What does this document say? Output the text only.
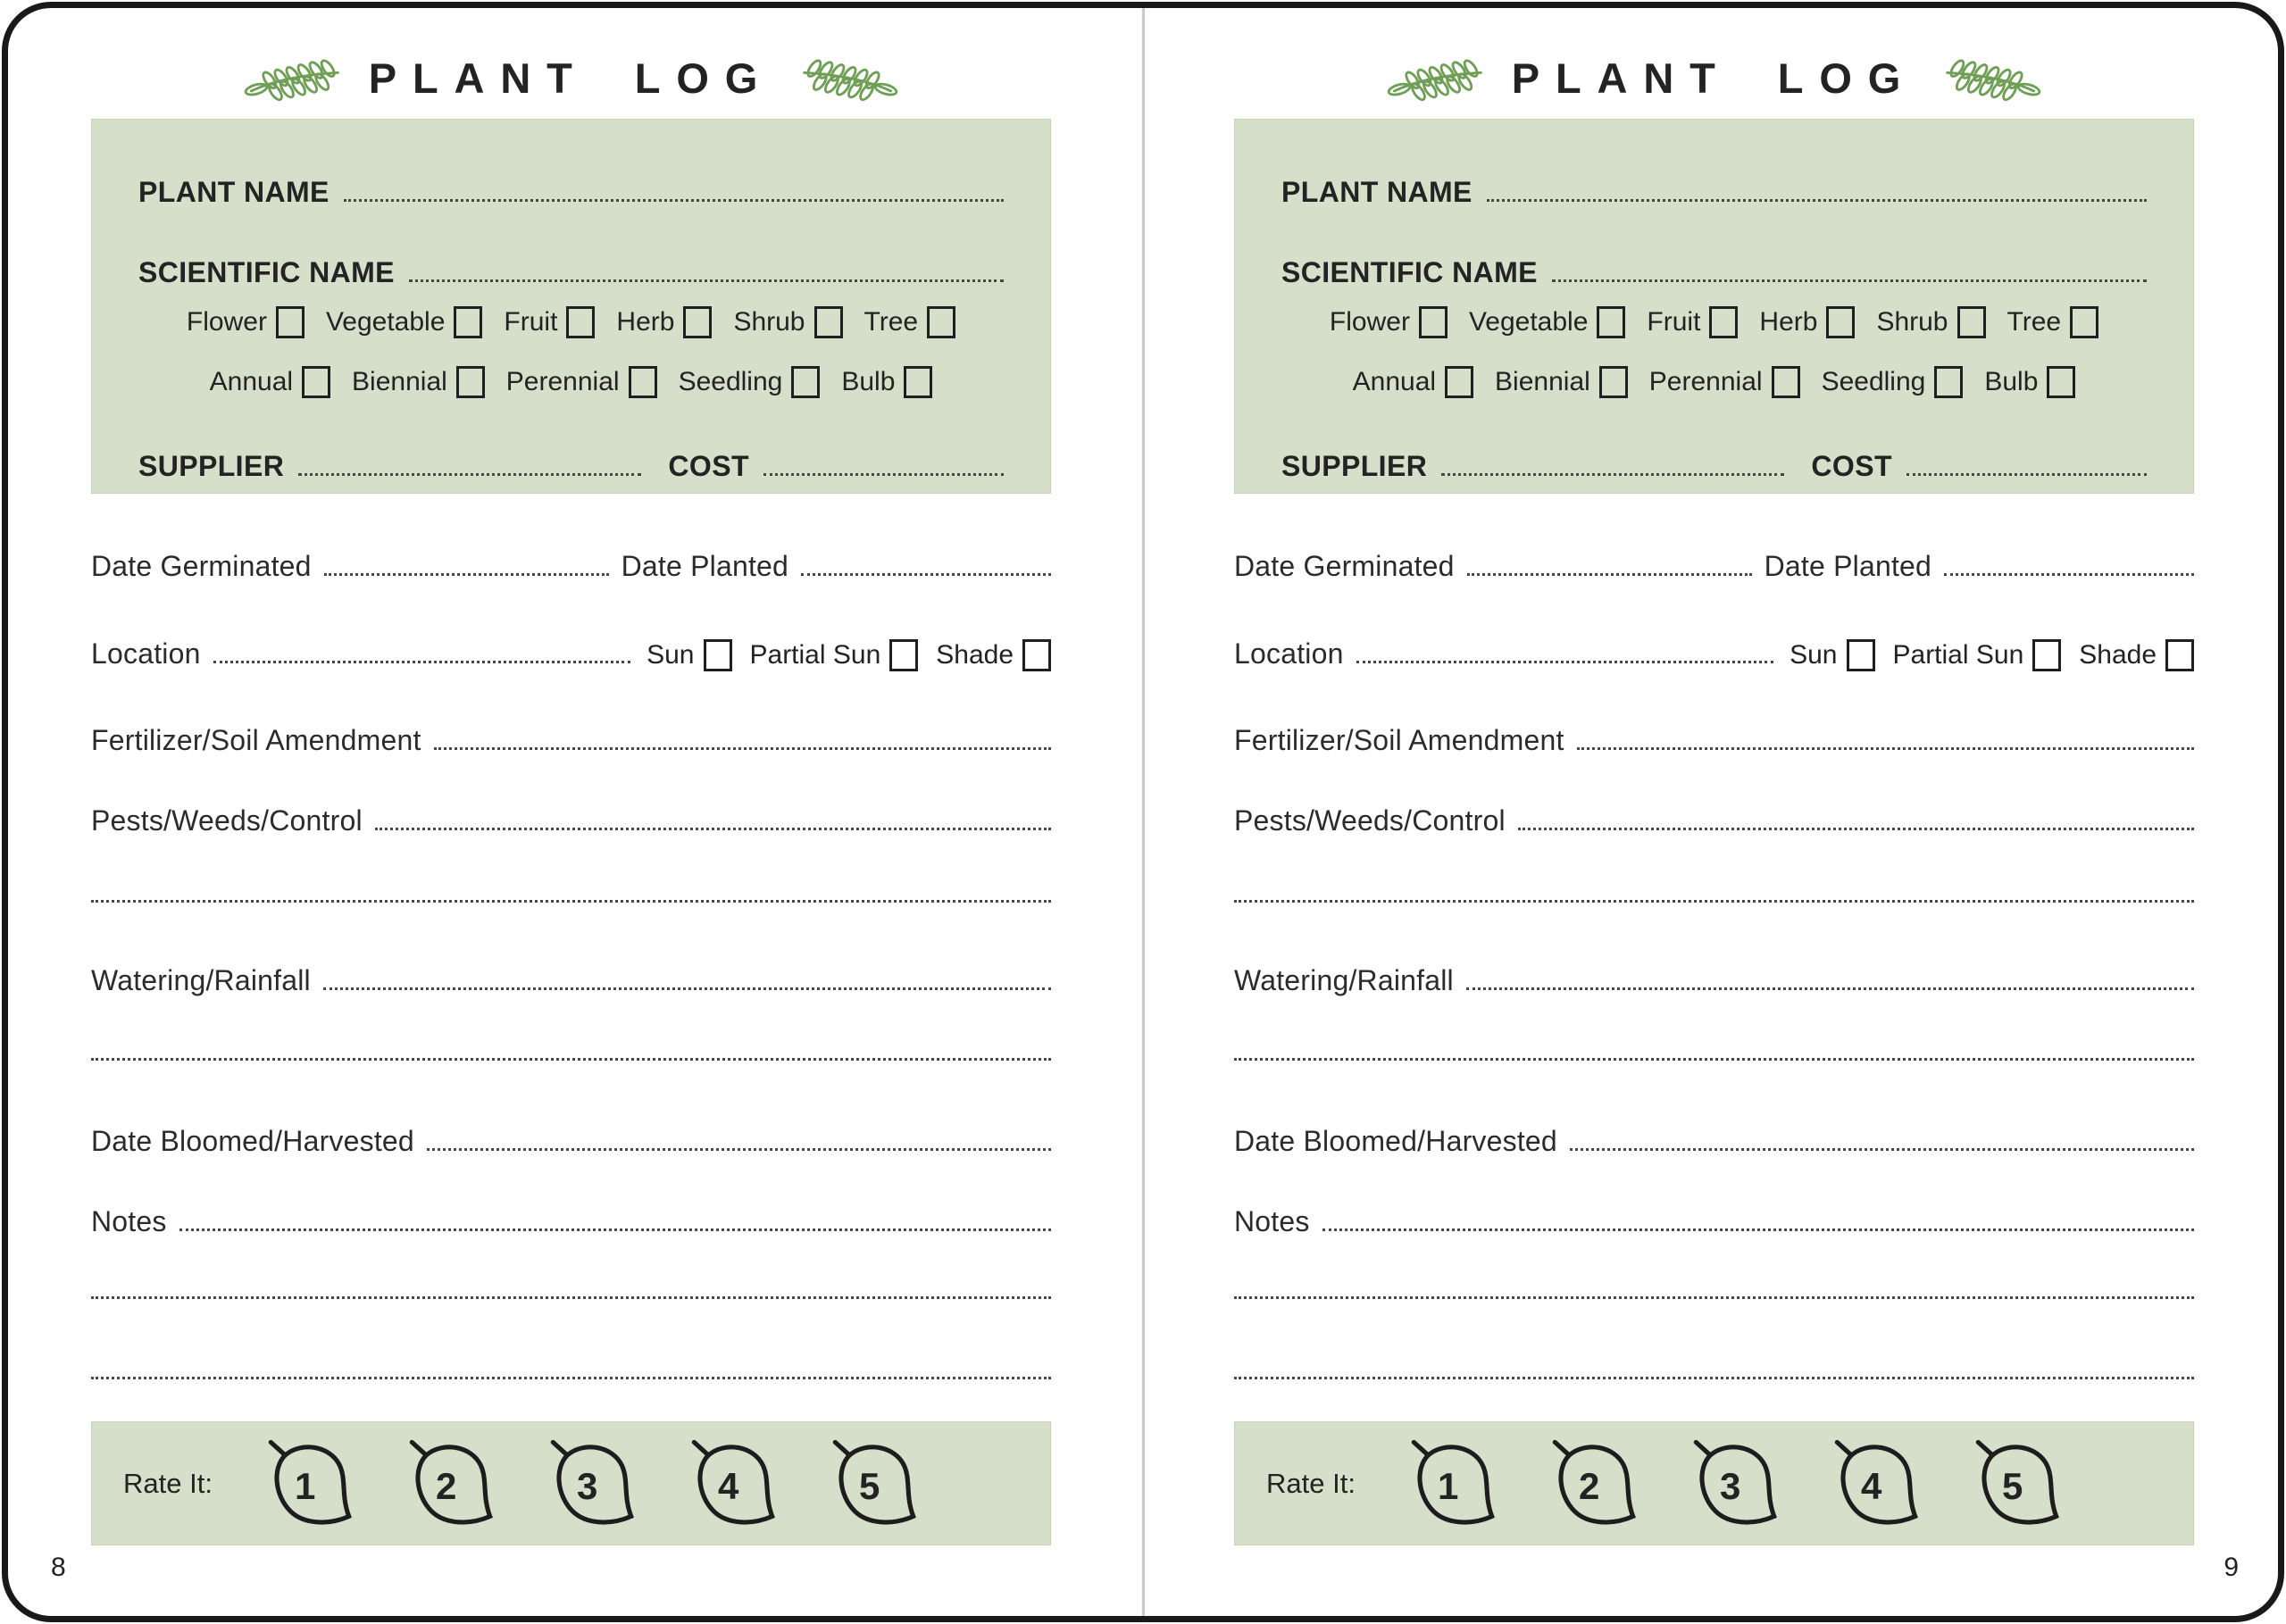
PLANT LOG
PLANT NAME
SCIENTIFIC NAME
Flower Vegetable Fruit Herb Shrub Tree
Annual Biennial Perennial Seedling Bulb
SUPPLIER	COST
Date Germinated	Date Planted
Location	Sun Partial Sun Shade
Fertilizer/Soil Amendment
Pests/Weeds/Control
Watering/Rainfall
Date Bloomed/Harvested
Notes
Rate It: 1	2	3	4	5
8
PLANT LOG
PLANT NAME
SCIENTIFIC NAME
Flower Vegetable Fruit Herb Shrub Tree
Annual Biennial Perennial Seedling Bulb
SUPPLIER	COST
Date Germinated	Date Planted
Location	Sun Partial Sun Shade
Fertilizer/Soil Amendment
Pests/Weeds/Control
Watering/Rainfall
Date Bloomed/Harvested
Notes
Rate It: 1	2	3	4	5
9
